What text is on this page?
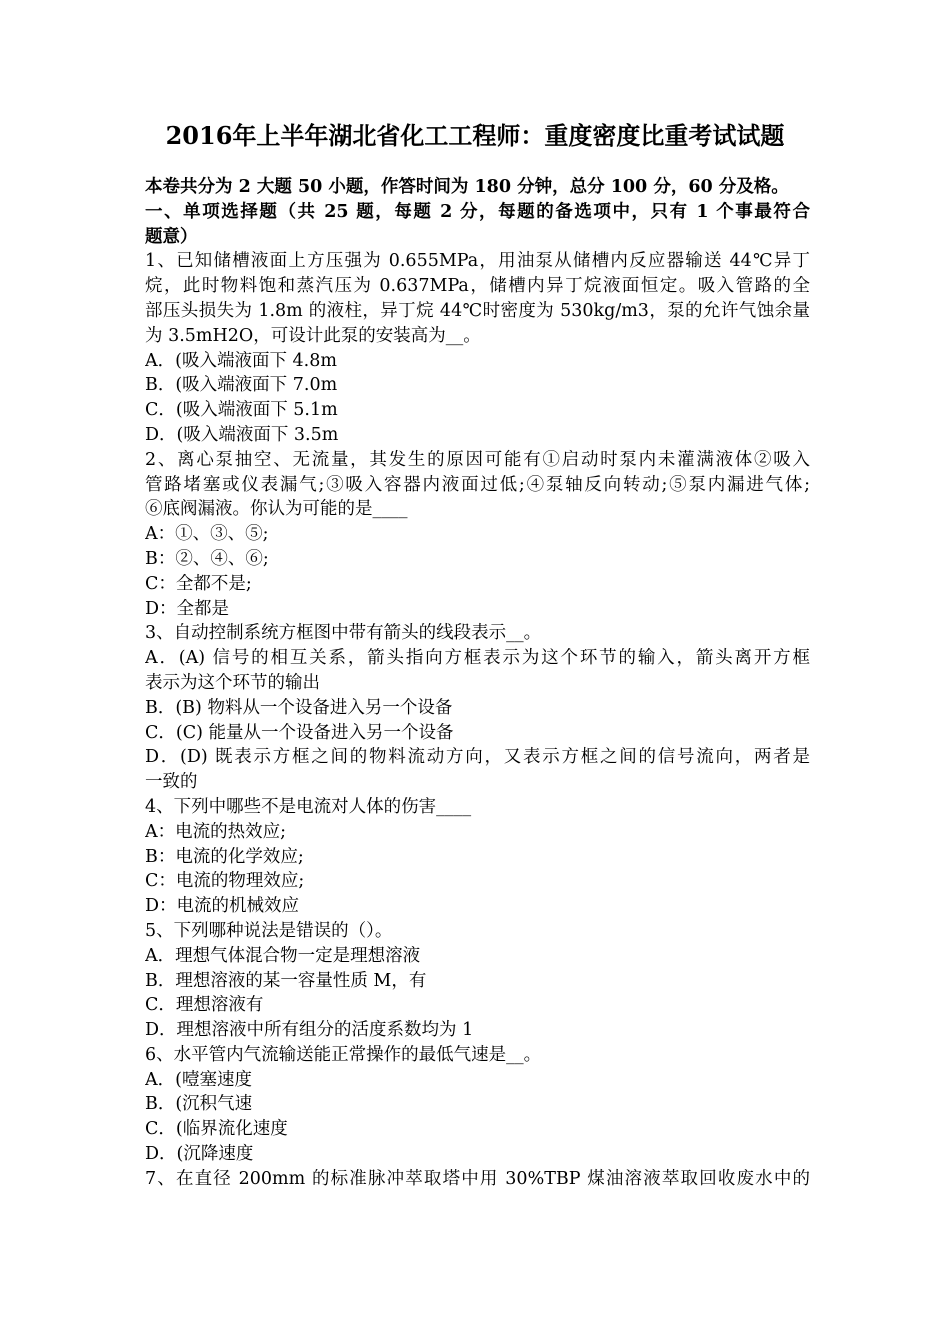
2016年上半年湖北省化工工程师：重度密度比重考试试题
本卷共分为 2 大题 50 小题，作答时间为 180 分钟，总分 100 分，60 分及格。
一、单项选择题（共 25 题，每题 2 分，每题的备选项中，只有 1 个事最符合
题意）
1、已知储槽液面上方压强为 0.655MPa，用油泵从储槽内反应器输送 44℃异丁
烷，此时物料饱和蒸汽压为 0.637MPa，储槽内异丁烷液面恒定。吸入管路的全
部压头损失为 1.8m 的液柱，异丁烷 44℃时密度为 530kg/m3，泵的允许气蚀余量
为 3.5mH2O，可设计此泵的安装高为__。
A．(吸入端液面下 4.8m
B．(吸入端液面下 7.0m
C．(吸入端液面下 5.1m
D．(吸入端液面下 3.5m
2、离心泵抽空、无流量，其发生的原因可能有①启动时泵内未灌满液体②吸入
管路堵塞或仪表漏气;③吸入容器内液面过低;④泵轴反向转动;⑤泵内漏进气体;
⑥底阀漏液。你认为可能的是____
A：①、③、⑤;
B：②、④、⑥;
C：全都不是;
D：全都是
3、自动控制系统方框图中带有箭头的线段表示__。
A．(A) 信号的相互关系，箭头指向方框表示为这个环节的输入，箭头离开方框
表示为这个环节的输出
B．(B) 物料从一个设备进入另一个设备
C．(C) 能量从一个设备进入另一个设备
D．(D) 既表示方框之间的物料流动方向，又表示方框之间的信号流向，两者是
一致的
4、下列中哪些不是电流对人体的伤害____
A：电流的热效应;
B：电流的化学效应;
C：电流的物理效应;
D：电流的机械效应
5、下列哪种说法是错误的（）。
A．理想气体混合物一定是理想溶液
B．理想溶液的某一容量性质 M，有
C．理想溶液有
D．理想溶液中所有组分的活度系数均为 1
6、水平管内气流输送能正常操作的最低气速是__。
A．(噎塞速度
B．(沉积气速
C．(临界流化速度
D．(沉降速度
7、在直径 200mm 的标准脉冲萃取塔中用 30%TBP 煤油溶液萃取回收废水中的
